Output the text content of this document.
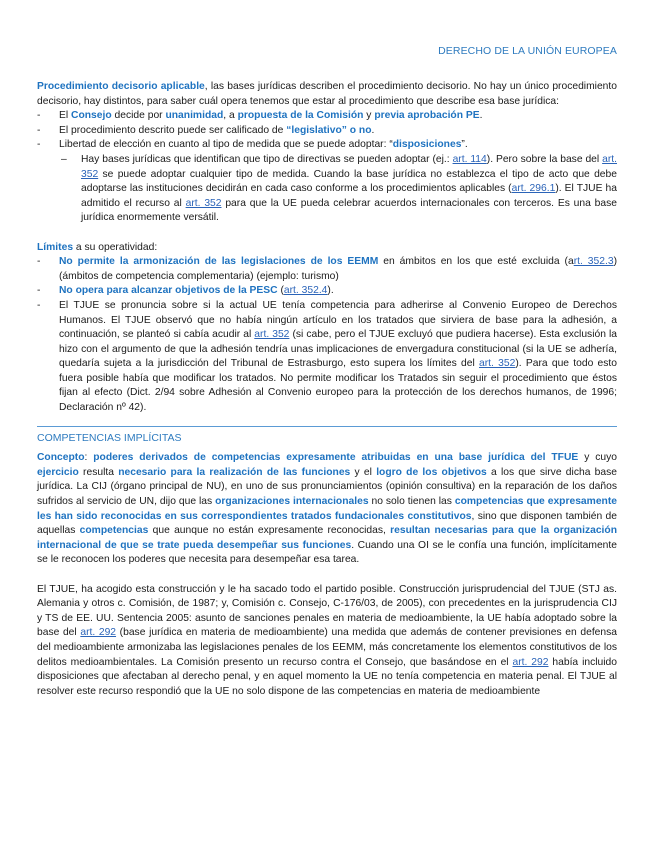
DERECHO DE LA UNIÓN EUROPEA

Procedimiento decisorio aplicable, las bases jurídicas describen el procedimiento decisorio. No hay un único procedimiento decisorio, hay distintos, para saber cuál opera tenemos que estar al procedimiento que describe esa base jurídica:

- El Consejo decide por unanimidad, a propuesta de la Comisión y previa aprobación PE.
- El procedimiento descrito puede ser calificado de “legislativo” o no.
- Libertad de elección en cuanto al tipo de medida que se puede adoptar: “disposiciones”.
– Hay bases jurídicas que identifican que tipo de directivas se pueden adoptar (ej.: art. 114). Pero sobre la base del art. 352 se puede adoptar cualquier tipo de medida. Cuando la base jurídica no establezca el tipo de acto que debe adoptarse las instituciones decidirán en cada caso conforme a los procedimientos aplicables (art. 296.1). El TJUE ha admitido el recurso al art. 352 para que la UE pueda celebrar acuerdos internacionales con terceros. Es una base jurídica enormemente versátil.

Límites a su operatividad:

- No permite la armonización de las legislaciones de los EEMM en ámbitos en los que esté excluida (art. 352.3) (ámbitos de competencia complementaria) (ejemplo: turismo)
- No opera para alcanzar objetivos de la PESC (art. 352.4).
- El TJUE se pronuncia sobre si la actual UE tenía competencia para adherirse al Convenio Europeo de Derechos Humanos. El TJUE observó que no había ningún artículo en los tratados que sirviera de base para la adhesión, a continuación, se planteó si cabía acudir al art. 352 (si cabe, pero el TJUE excluyó que pudiera hacerse). Esta exclusión la hizo con el argumento de que la adhesión tendría unas implicaciones de envergadura constitucional (si la UE se adhería, quedaría sujeta a la jurisdicción del Tribunal de Estrasburgo, esto supera los límites del art. 352). Para que todo esto fuera posible había que modificar los tratados. No permite modificar los Tratados sin seguir el procedimiento que éstos fijan al efecto (Dict. 2/94 sobre Adhesión al Convenio europeo para la protección de los derechos humanos, de 1996; Declaración nº 42).
COMPETENCIAS IMPLÍCITAS

Concepto: poderes derivados de competencias expresamente atribuidas en una base jurídica del TFUE y cuyo ejercicio resulta necesario para la realización de las funciones y el logro de los objetivos a los que sirve dicha base jurídica. La CIJ (órgano principal de NU), en uno de sus pronunciamientos (opinión consultiva) en la reparación de los daños sufridos al servicio de UN, dijo que las organizaciones internacionales no solo tienen las competencias que expresamente les han sido reconocidas en sus correspondientes tratados fundacionales constitutivos, sino que disponen también de aquellas competencias que aunque no están expresamente reconocidas, resultan necesarias para que la organización internacional de que se trate pueda desempeñar sus funciones. Cuando una OI se le confía una función, implícitamente se le reconocen los poderes que necesita para desempeñar esa tarea.

El TJUE, ha acogido esta construcción y le ha sacado todo el partido posible. Construcción jurisprudencial del TJUE (STJ as. Alemania y otros c. Comisión, de 1987; y, Comisión c. Consejo, C-176/03, de 2005), con precedentes en la jurisprudencia CIJ y TS de EE. UU. Sentencia 2005: asunto de sanciones penales en materia de medioambiente, la UE había adoptado sobre la base del art. 292 (base jurídica en materia de medioambiente) una medida que además de contener previsiones en defensa del medioambiente armonizaba las legislaciones penales de los EEMM, más concretamente los elementos constitutivos de los delitos medioambientales. La Comisión presento un recurso contra el Consejo, que basándose en el art. 292 había incluido disposiciones que afectaban al derecho penal, y en aquel momento la UE no tenía competencia en materia penal. El TJUE al resolver este recurso respondió que la UE no solo dispone de las competencias en materia de medioambiente
